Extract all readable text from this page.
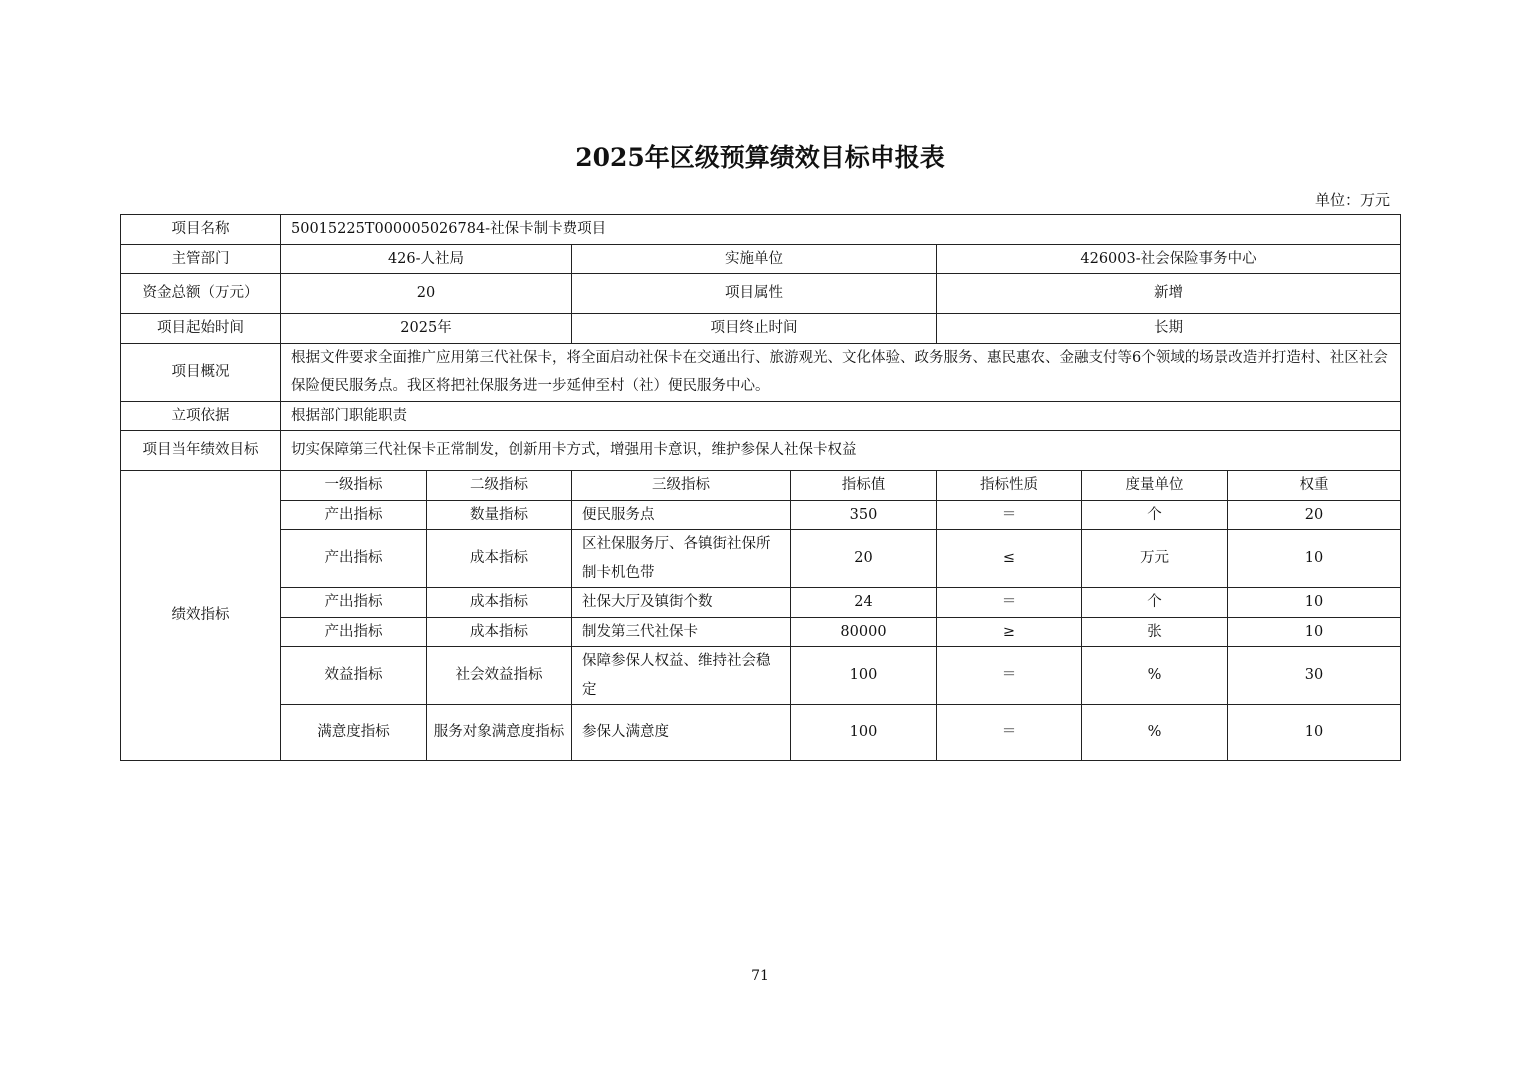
2025年区级预算绩效目标申报表
单位：万元
项目名称	50015225T000005026784-社保卡制卡费项目						
主管部门	426-人社局		实施单位		426003-社会保险事务中心		
资金总额（万元）	20		项目属性		新增		
项目起始时间	2025年		项目终止时间		长期		
项目概况	根据文件要求全面推广应用第三代社保卡，将全面启动社保卡在交通出行、旅游观光、文化体验、政务服务、惠民惠农、金融支付等6个领域的场景改造并打造村、社区社会保险便民服务点。我区将把社保服务进一步延伸至村（社）便民服务中心。						
立项依据	根据部门职能职责						
项目当年绩效目标	切实保障第三代社保卡正常制发，创新用卡方式，增强用卡意识，维护参保人社保卡权益						
绩效指标	一级指标	二级指标	三级指标	指标值	指标性质	度量单位	权重
	产出指标	数量指标	便民服务点	350	＝	个	20
	产出指标	成本指标	区社保服务厅、各镇街社保所制卡机色带	20	≤	万元	10
	产出指标	成本指标	社保大厅及镇街个数	24	＝	个	10
	产出指标	成本指标	制发第三代社保卡	80000	≥	张	10
	效益指标	社会效益指标	保障参保人权益、维持社会稳定	100	＝	%	30
	满意度指标	服务对象满意度指标	参保人满意度	100	＝	%	10
71
